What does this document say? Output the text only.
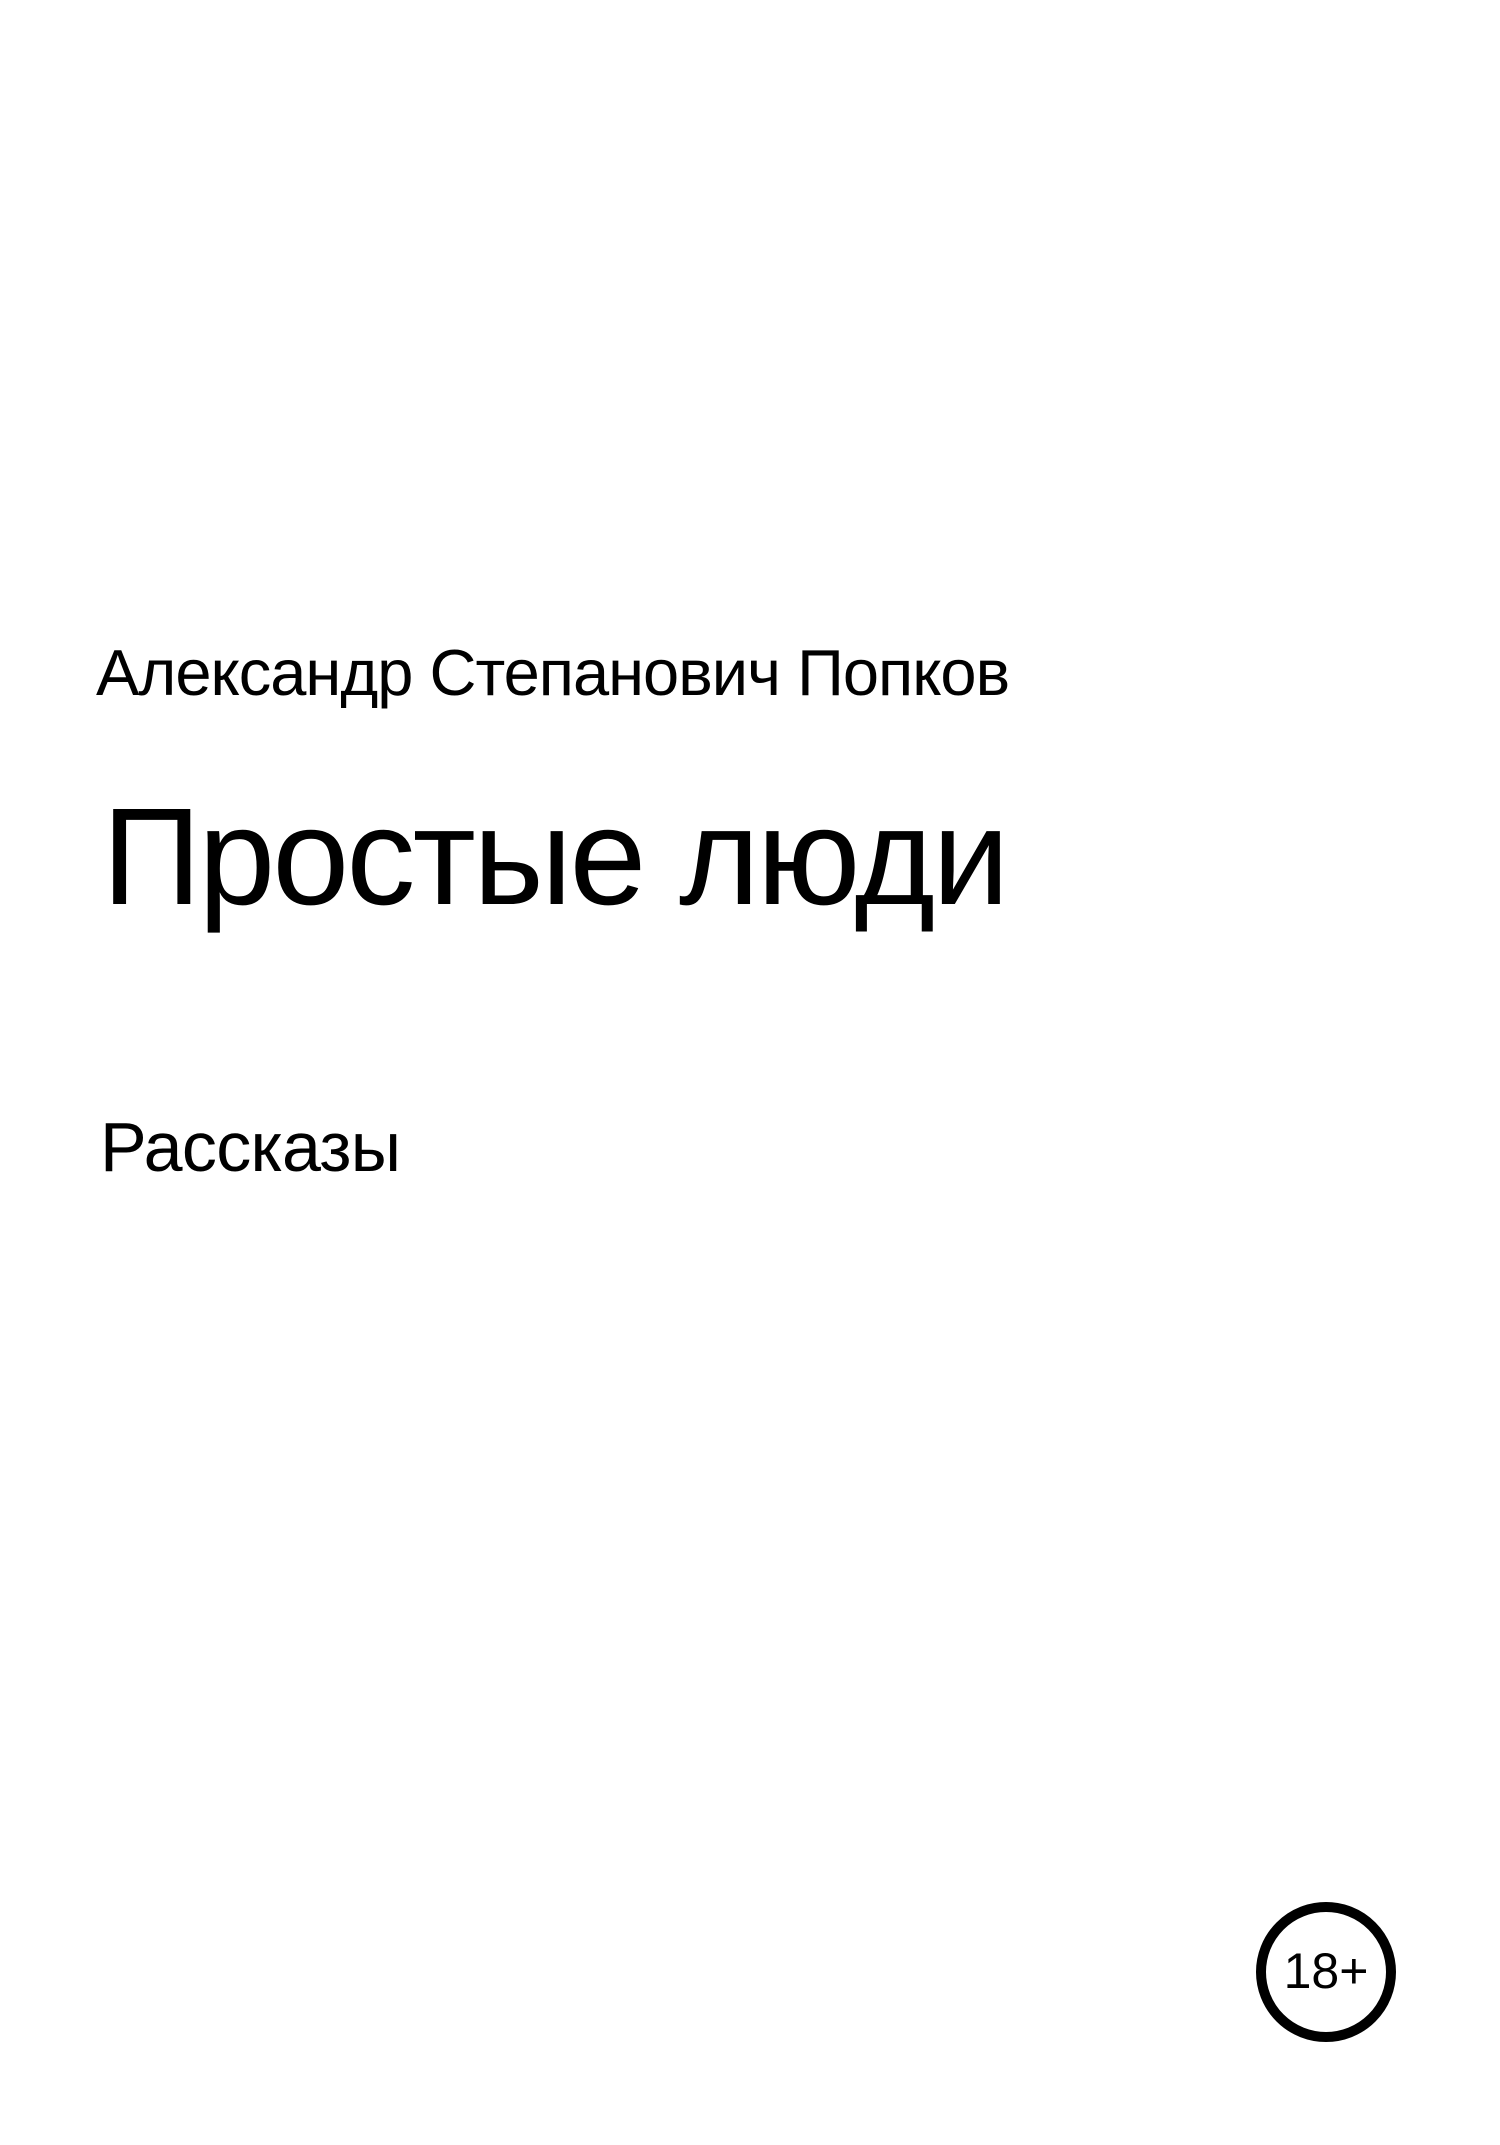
Александр Степанович Попков
Простые люди
Рассказы
18+
